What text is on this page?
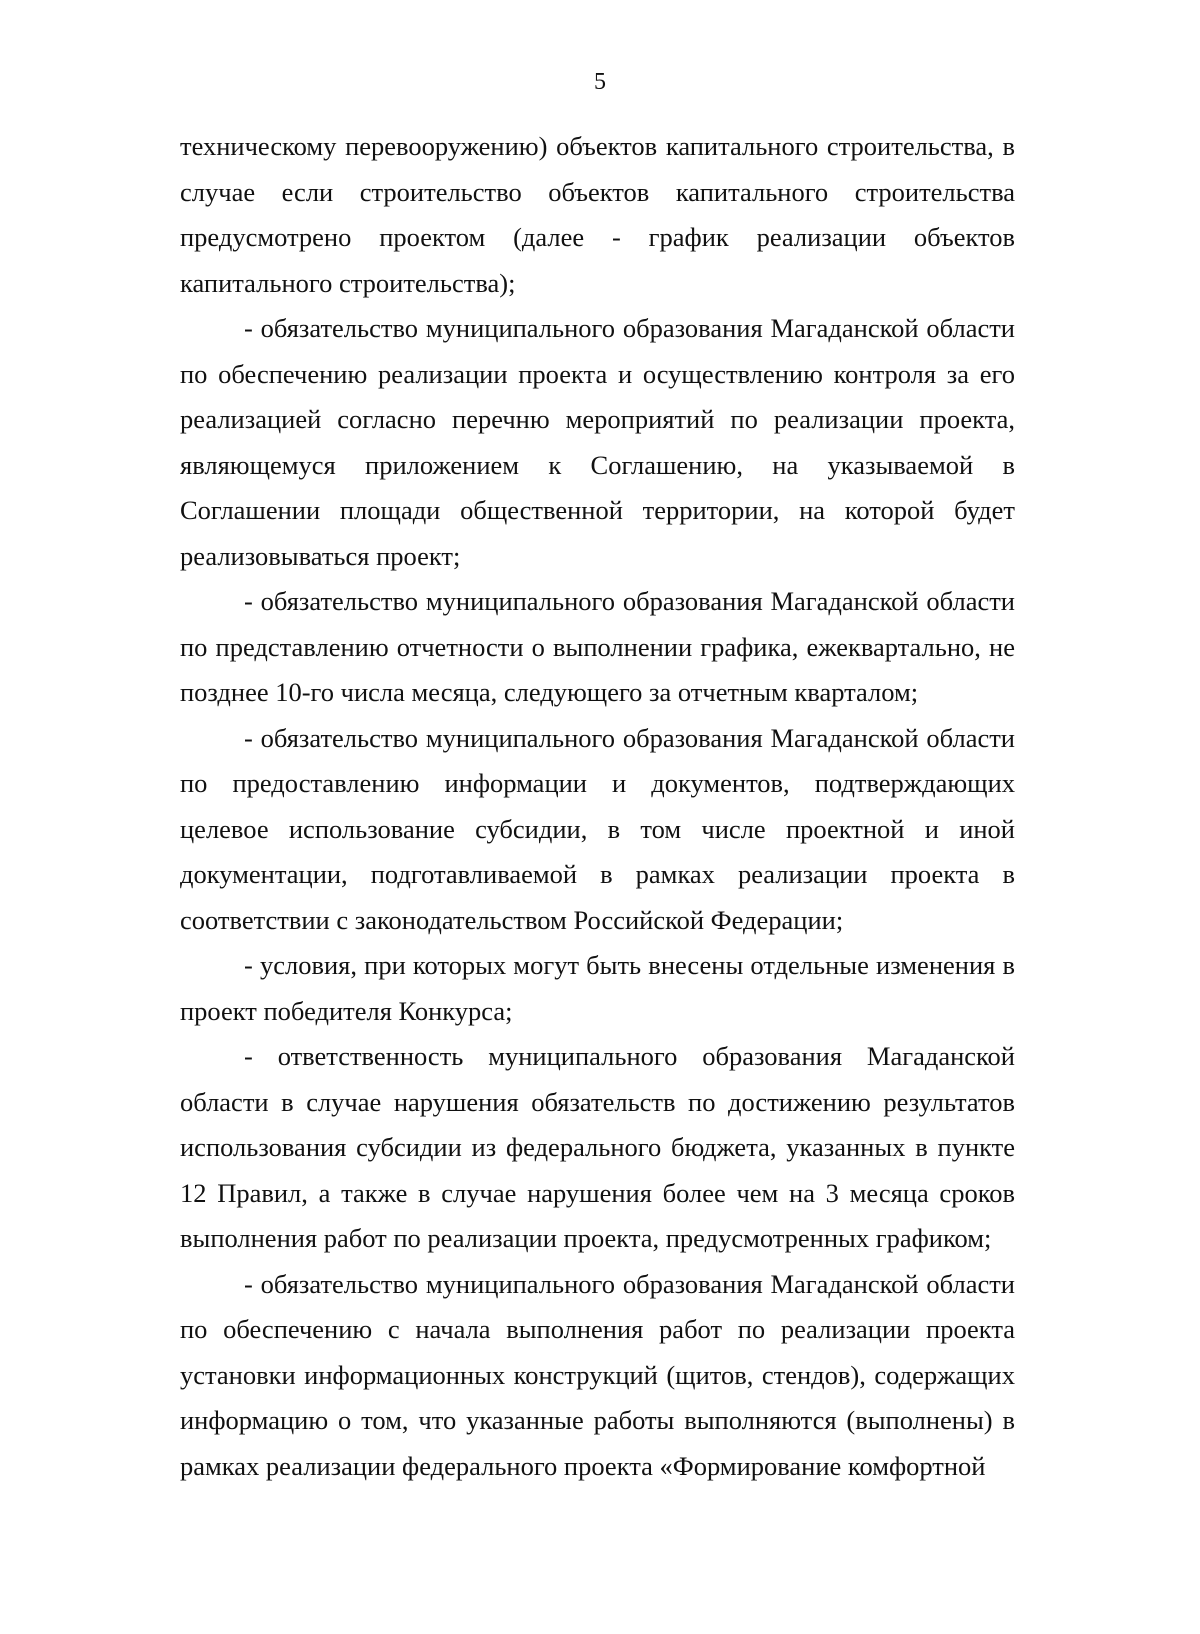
5

техническому перевооружению) объектов капитального строительства, в случае если строительство объектов капитального строительства предусмотрено проектом (далее - график реализации объектов капитального строительства);

- обязательство муниципального образования Магаданской области по обеспечению реализации проекта и осуществлению контроля за его реализацией согласно перечню мероприятий по реализации проекта, являющемуся приложением к Соглашению, на указываемой в Соглашении площади общественной территории, на которой будет реализовываться проект;

- обязательство муниципального образования Магаданской области по представлению отчетности о выполнении графика, ежеквартально, не позднее 10-го числа месяца, следующего за отчетным кварталом;

- обязательство муниципального образования Магаданской области по предоставлению информации и документов, подтверждающих целевое использование субсидии, в том числе проектной и иной документации, подготавливаемой в рамках реализации проекта в соответствии с законодательством Российской Федерации;

- условия, при которых могут быть внесены отдельные изменения в проект победителя Конкурса;

- ответственность муниципального образования Магаданской области в случае нарушения обязательств по достижению результатов использования субсидии из федерального бюджета, указанных в пункте 12 Правил, а также в случае нарушения более чем на 3 месяца сроков выполнения работ по реализации проекта, предусмотренных графиком;

- обязательство муниципального образования Магаданской области по обеспечению с начала выполнения работ по реализации проекта установки информационных конструкций (щитов, стендов), содержащих информацию о том, что указанные работы выполняются (выполнены) в рамках реализации федерального проекта «Формирование комфортной
